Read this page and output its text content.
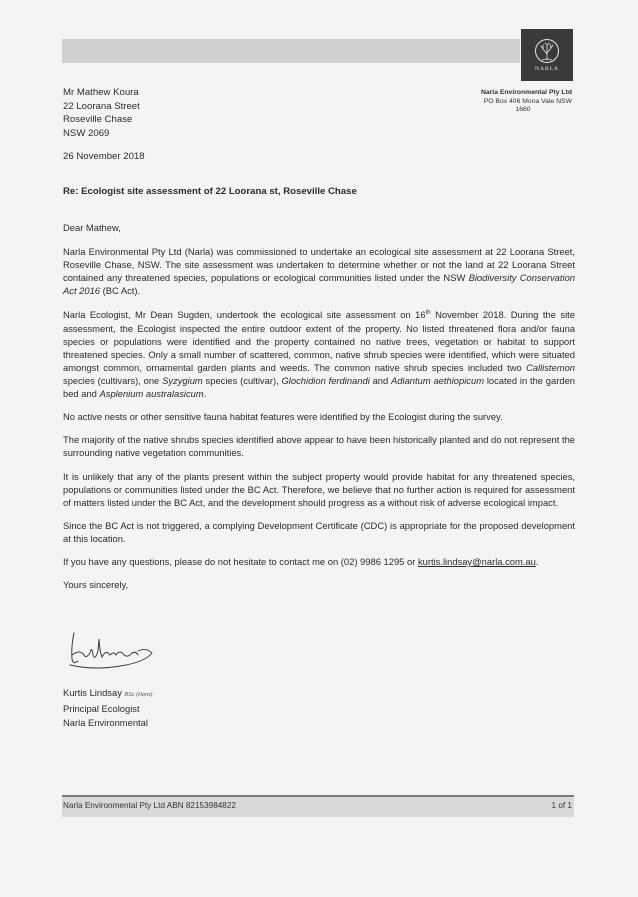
NARLA
Narla Environmental Pty Ltd
PO Box 406 Mona Vale NSW
1660
Mr Mathew Koura
22 Loorana Street
Roseville Chase
NSW 2069
26 November 2018
Re: Ecologist site assessment of 22 Loorana st, Roseville Chase

Dear Mathew,

Narla Environmental Pty Ltd (Narla) was commissioned to undertake an ecological site assessment at 22 Loorana Street, Roseville Chase, NSW. The site assessment was undertaken to determine whether or not the land at 22 Loorana Street contained any threatened species, populations or ecological communities listed under the NSW Biodiversity Conservation Act 2016 (BC Act).

Narla Ecologist, Mr Dean Sugden, undertook the ecological site assessment on 16th November 2018. During the site assessment, the Ecologist inspected the entire outdoor extent of the property. No listed threatened flora and/or fauna species or populations were identified and the property contained no native trees, vegetation or habitat to support threatened species. Only a small number of scattered, common, native shrub species were identified, which were situated amongst common, ornamental garden plants and weeds. The common native shrub species included two Callistemon species (cultivars), one Syzygium species (cultivar), Glochidion ferdinandi and Adiantum aethiopicum located in the garden bed and Asplenium australasicum.

No active nests or other sensitive fauna habitat features were identified by the Ecologist during the survey.

The majority of the native shrubs species identified above appear to have been historically planted and do not represent the surrounding native vegetation communities.

It is unlikely that any of the plants present within the subject property would provide habitat for any threatened species, populations or communities listed under the BC Act. Therefore, we believe that no further action is required for assessment of matters listed under the BC Act, and the development should progress as a without risk of adverse ecological impact.

Since the BC Act is not triggered, a complying Development Certificate (CDC) is appropriate for the proposed development at this location.

If you have any questions, please do not hesitate to contact me on (02) 9986 1295 or kurtis.lindsay@narla.com.au.

Yours sincerely,

Kurtis Lindsay BSc (Hons)
Principal Ecologist
Narla Environmental
Narla Environmental Pty Ltd ABN 82153984822	1 of 1
